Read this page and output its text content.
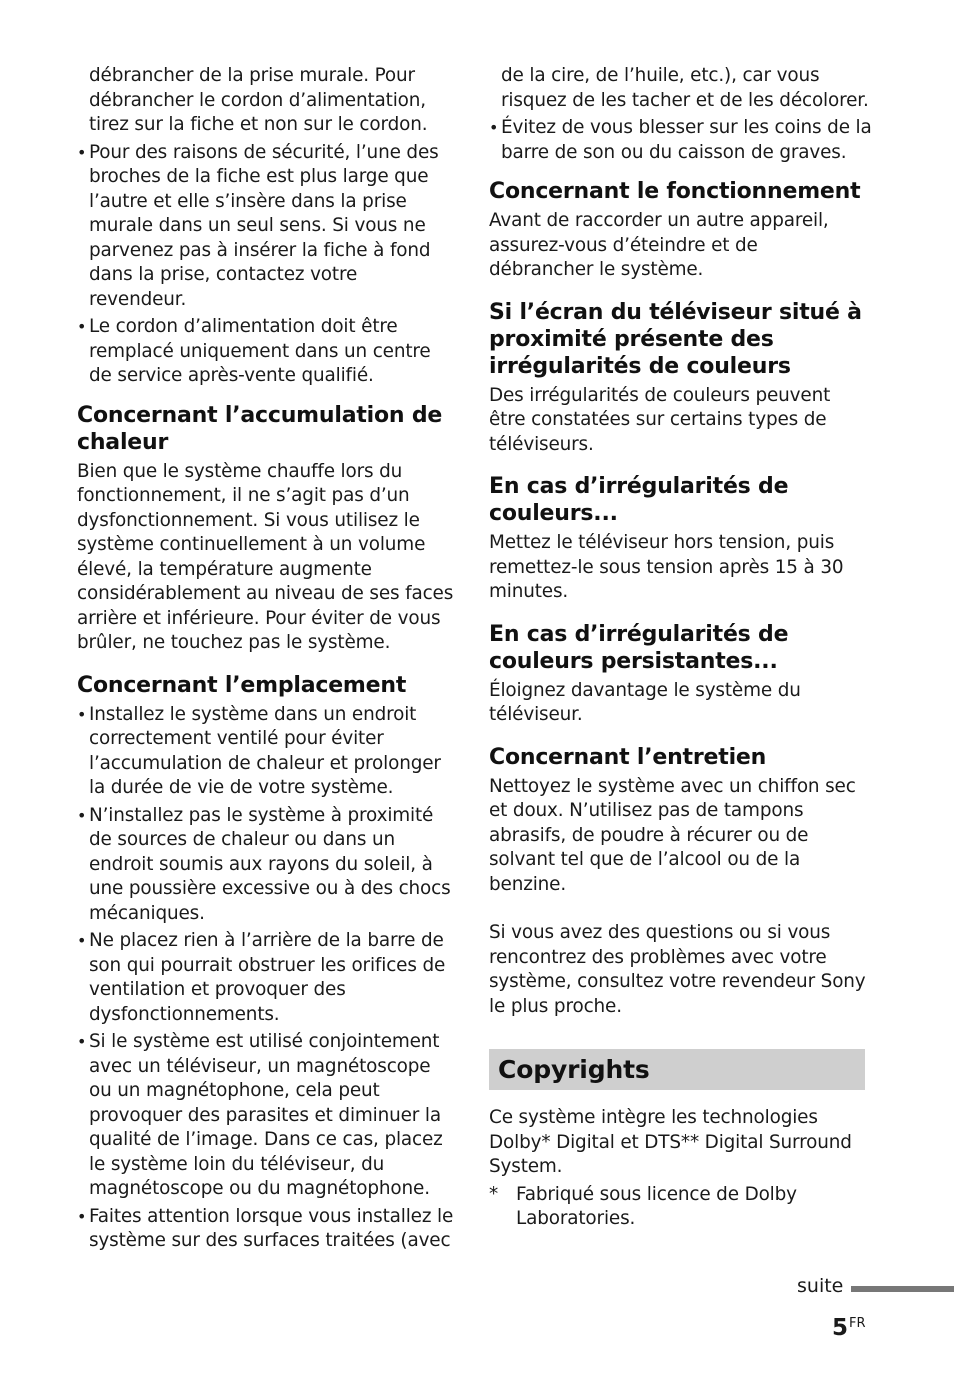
débrancher de la prise murale. Pour
débrancher le cordon d’alimentation,
tirez sur la fiche et non sur le cordon.

• Pour des raisons de sécurité, l’une des
broches de la fiche est plus large que
l’autre et elle s’insère dans la prise
murale dans un seul sens. Si vous ne
parvenez pas à insérer la fiche à fond
dans la prise, contactez votre
revendeur.

• Le cordon d’alimentation doit être
remplacé uniquement dans un centre
de service après-vente qualifié.

Concernant l’accumulation de
chaleur

Bien que le système chauffe lors du
fonctionnement, il ne s’agit pas d’un
dysfonctionnement. Si vous utilisez le
système continuellement à un volume
élevé, la température augmente
considérablement au niveau de ses faces
arrière et inférieure. Pour éviter de vous
brûler, ne touchez pas le système.

Concernant l’emplacement

• Installez le système dans un endroit
correctement ventilé pour éviter
l’accumulation de chaleur et prolonger
la durée de vie de votre système.

• N’installez pas le système à proximité
de sources de chaleur ou dans un
endroit soumis aux rayons du soleil, à
une poussière excessive ou à des chocs
mécaniques.

• Ne placez rien à l’arrière de la barre de
son qui pourrait obstruer les orifices de
ventilation et provoquer des
dysfonctionnements.

• Si le système est utilisé conjointement
avec un téléviseur, un magnétoscope
ou un magnétophone, cela peut
provoquer des parasites et diminuer la
qualité de l’image. Dans ce cas, placez
le système loin du téléviseur, du
magnétoscope ou du magnétophone.

• Faites attention lorsque vous installez le
système sur des surfaces traitées (avec

de la cire, de l’huile, etc.), car vous
risquez de les tacher et de les décolorer.

• Évitez de vous blesser sur les coins de la
barre de son ou du caisson de graves.

Concernant le fonctionnement

Avant de raccorder un autre appareil,
assurez-vous d’éteindre et de
débrancher le système.

Si l’écran du téléviseur situé à
proximité présente des
irrégularités de couleurs

Des irrégularités de couleurs peuvent
être constatées sur certains types de
téléviseurs.

En cas d’irrégularités de
couleurs...

Mettez le téléviseur hors tension, puis
remettez-le sous tension après 15 à 30
minutes.

En cas d’irrégularités de
couleurs persistantes...

Éloignez davantage le système du
téléviseur.

Concernant l’entretien

Nettoyez le système avec un chiffon sec
et doux. N’utilisez pas de tampons
abrasifs, de poudre à récurer ou de
solvant tel que de l’alcool ou de la
benzine.

Si vous avez des questions ou si vous
rencontrez des problèmes avec votre
système, consultez votre revendeur Sony
le plus proche.

Copyrights

Ce système intègre les technologies
Dolby* Digital et DTS** Digital Surround
System.

* Fabriqué sous licence de Dolby
Laboratories.
suite
$5^{FR}$
